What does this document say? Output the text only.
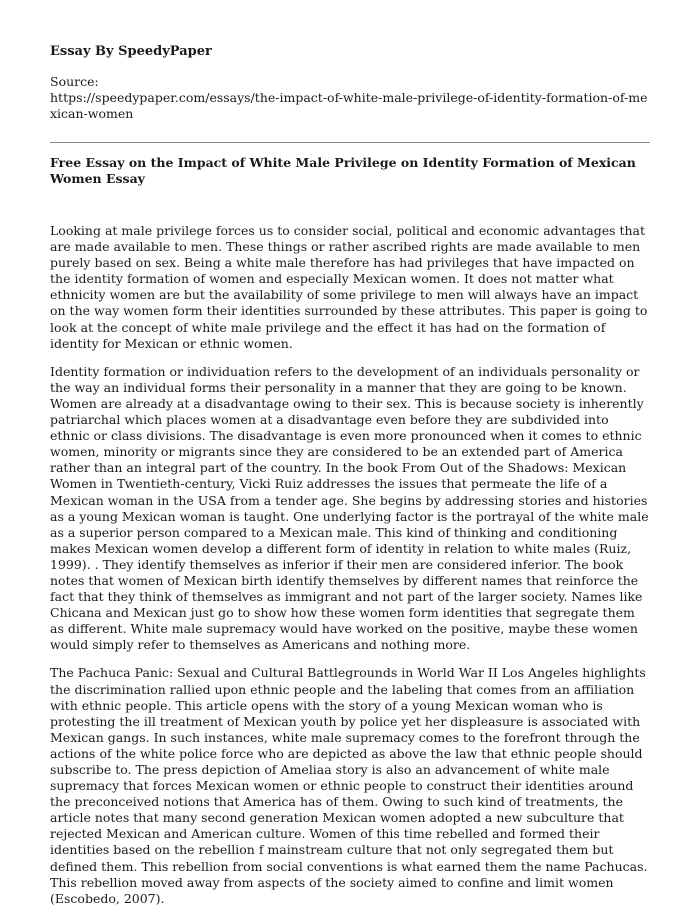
Essay By SpeedyPaper
Source:
https://speedypaper.com/essays/the-impact-of-white-male-privilege-of-identity-formation-of-mexican-women
Free Essay on the Impact of White Male Privilege on Identity Formation of Mexican Women Essay

Looking at male privilege forces us to consider social, political and economic advantages that are made available to men. These things or rather ascribed rights are made available to men purely based on sex. Being a white male therefore has had privileges that have impacted on the identity formation of women and especially Mexican women. It does not matter what ethnicity women are but the availability of some privilege to men will always have an impact on the way women form their identities surrounded by these attributes. This paper is going to look at the concept of white male privilege and the effect it has had on the formation of identity for Mexican or ethnic women.

Identity formation or individuation refers to the development of an individuals personality or the way an individual forms their personality in a manner that they are going to be known. Women are already at a disadvantage owing to their sex. This is because society is inherently patriarchal which places women at a disadvantage even before they are subdivided into ethnic or class divisions. The disadvantage is even more pronounced when it comes to ethnic women, minority or migrants since they are considered to be an extended part of America rather than an integral part of the country. In the book From Out of the Shadows: Mexican Women in Twentieth-century, Vicki Ruiz addresses the issues that permeate the life of a Mexican woman in the USA from a tender age. She begins by addressing stories and histories as a young Mexican woman is taught. One underlying factor is the portrayal of the white male as a superior person compared to a Mexican male. This kind of thinking and conditioning makes Mexican women develop a different form of identity in relation to white males (Ruiz, 1999). . They identify themselves as inferior if their men are considered inferior. The book notes that women of Mexican birth identify themselves by different names that reinforce the fact that they think of themselves as immigrant and not part of the larger society. Names like Chicana and Mexican just go to show how these women form identities that segregate them as different. White male supremacy would have worked on the positive, maybe these women would simply refer to themselves as Americans and nothing more.

The Pachuca Panic: Sexual and Cultural Battlegrounds in World War II Los Angeles highlights the discrimination rallied upon ethnic people and the labeling that comes from an affiliation with ethnic people. This article opens with the story of a young Mexican woman who is protesting the ill treatment of Mexican youth by police yet her displeasure is associated with Mexican gangs. In such instances, white male supremacy comes to the forefront through the actions of the white police force who are depicted as above the law that ethnic people should subscribe to. The press depiction of Ameliaa story is also an advancement of white male supremacy that forces Mexican women or ethnic people to construct their identities around the preconceived notions that America has of them. Owing to such kind of treatments, the article notes that many second generation Mexican women adopted a new subculture that rejected Mexican and American culture. Women of this time rebelled and formed their identities based on the rebellion f mainstream culture that not only segregated them but defined them. This rebellion from social conventions is what earned them the name Pachucas. This rebellion moved away from aspects of the society aimed to confine and limit women (Escobedo, 2007).
